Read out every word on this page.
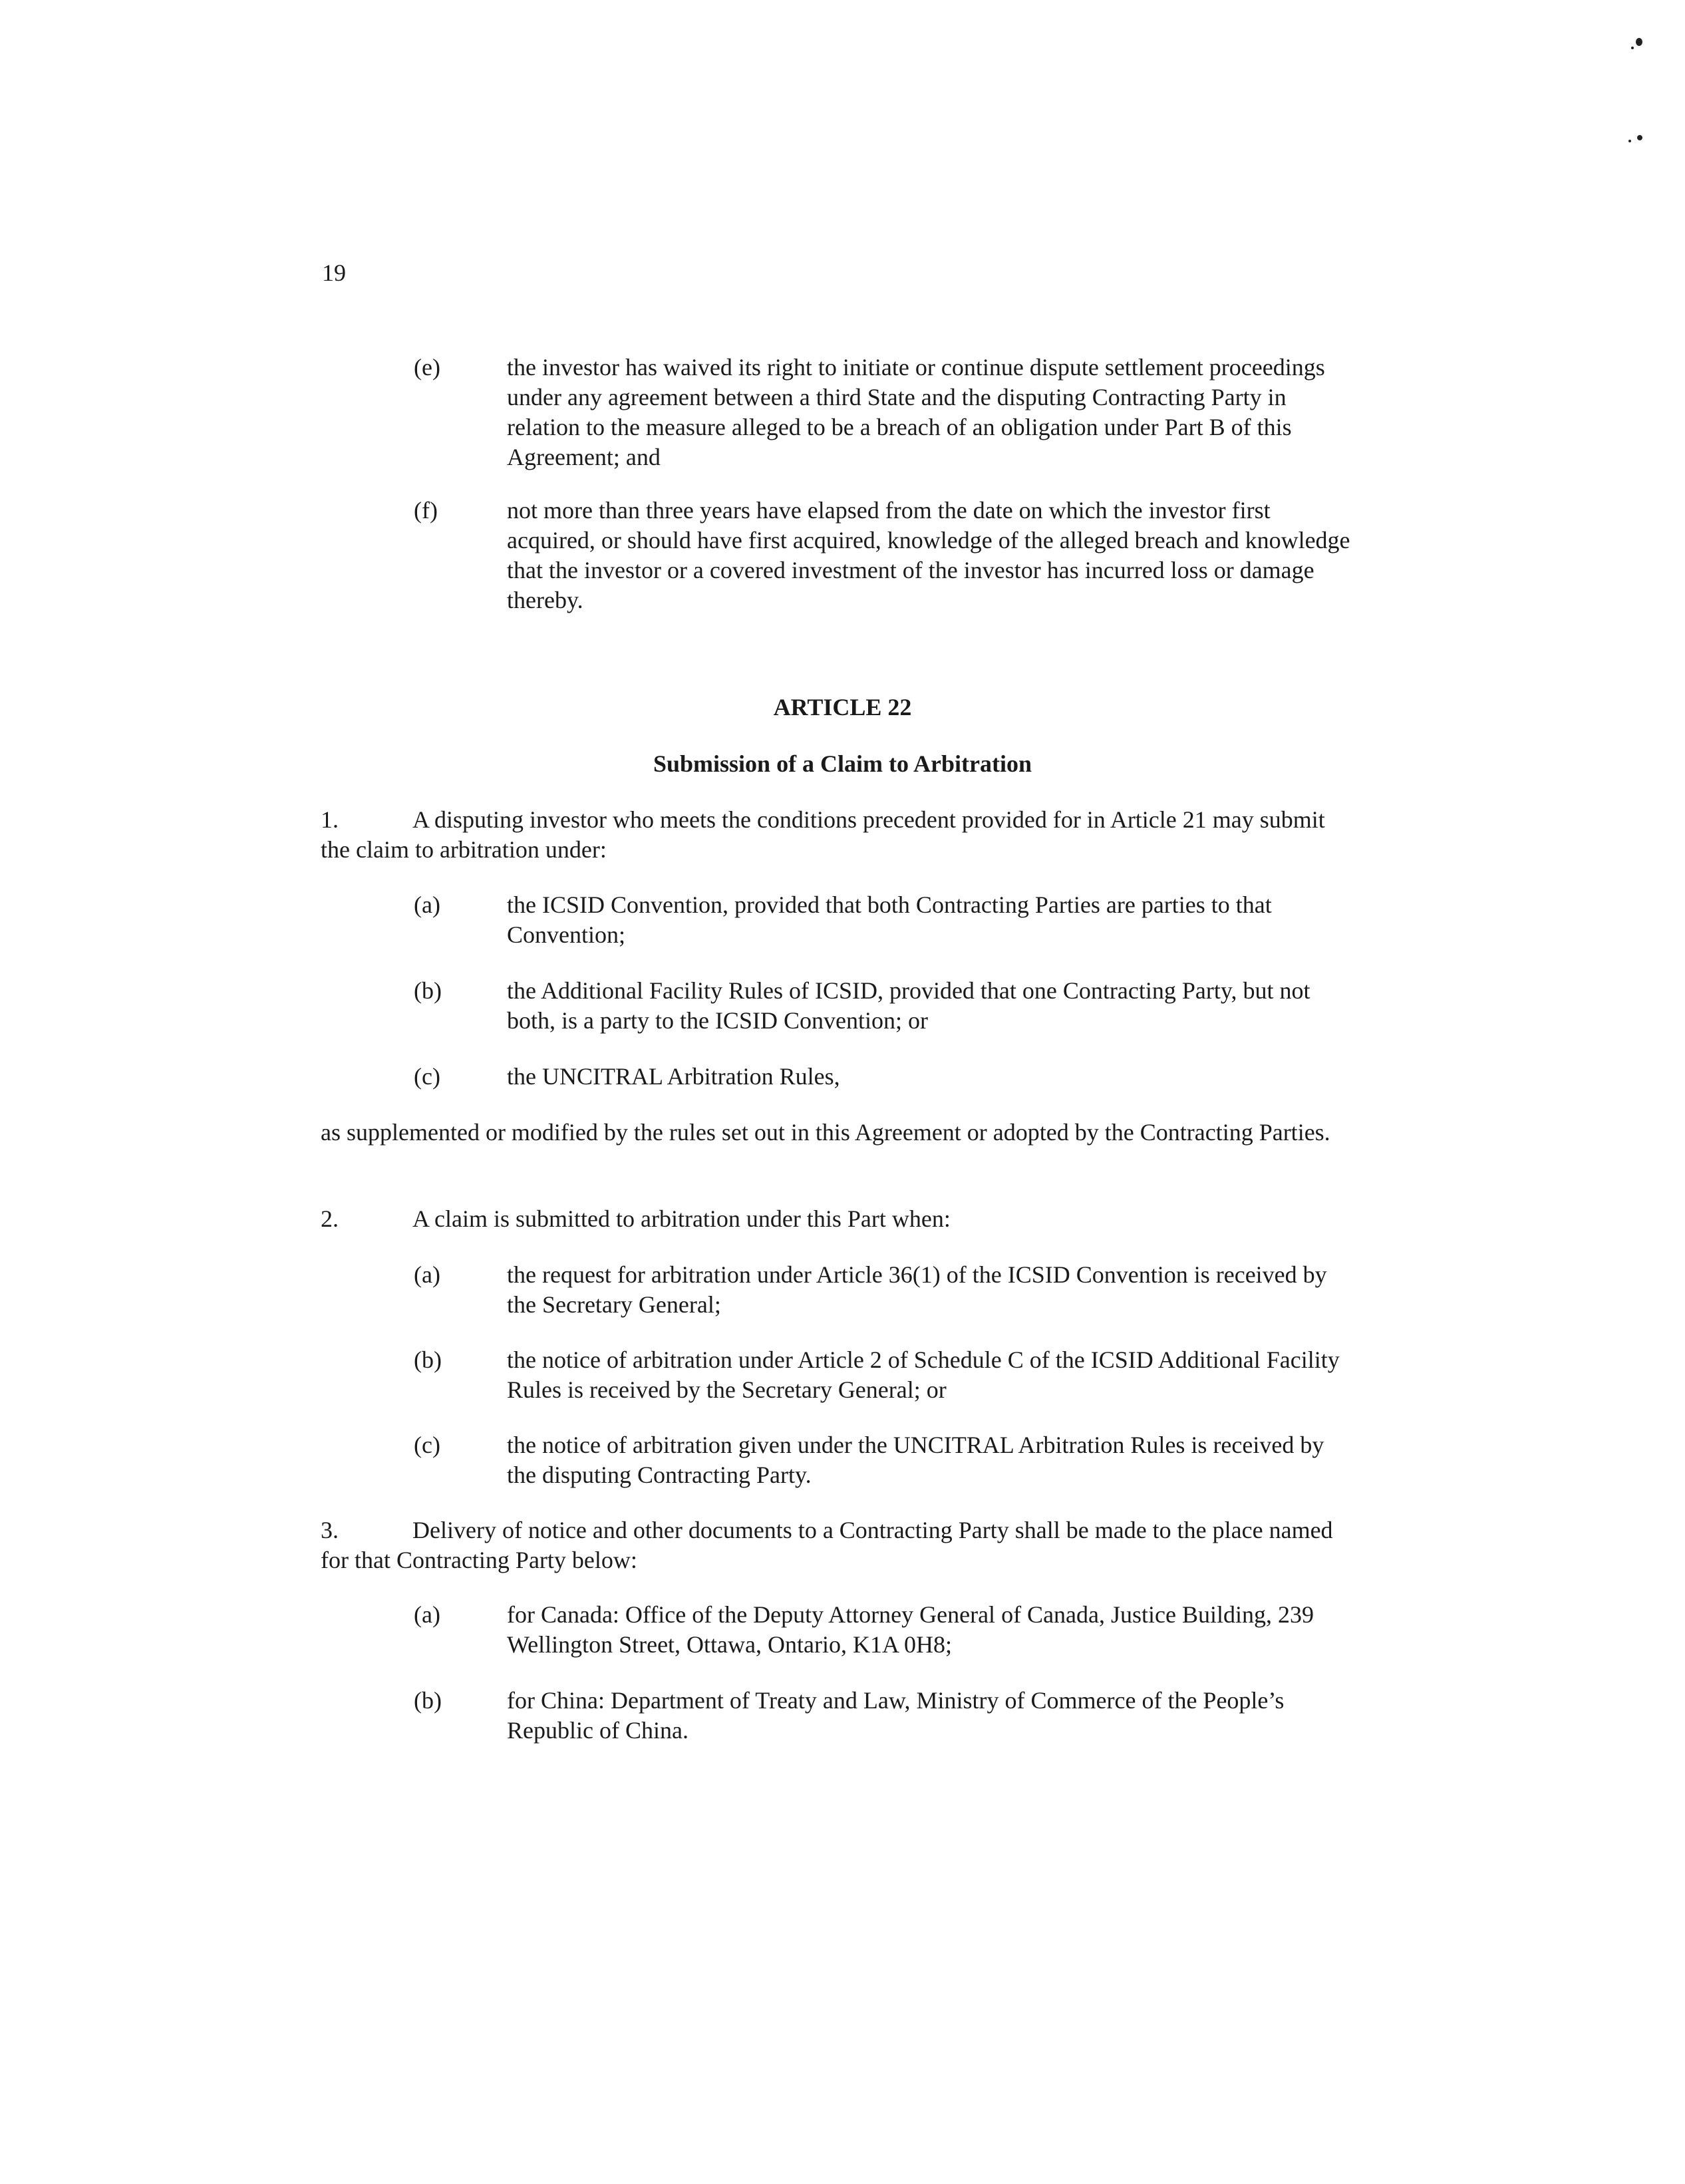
19
(e)	the investor has waived its right to initiate or continue dispute settlement proceedings under any agreement between a third State and the disputing Contracting Party in relation to the measure alleged to be a breach of an obligation under Part B of this Agreement; and
(f)	not more than three years have elapsed from the date on which the investor first acquired, or should have first acquired, knowledge of the alleged breach and knowledge that the investor or a covered investment of the investor has incurred loss or damage thereby.
ARTICLE 22
Submission of a Claim to Arbitration
1.	A disputing investor who meets the conditions precedent provided for in Article 21 may submit the claim to arbitration under:
(a)	the ICSID Convention, provided that both Contracting Parties are parties to that Convention;
(b)	the Additional Facility Rules of ICSID, provided that one Contracting Party, but not both, is a party to the ICSID Convention; or
(c)	the UNCITRAL Arbitration Rules,
as supplemented or modified by the rules set out in this Agreement or adopted by the Contracting Parties.
2.	A claim is submitted to arbitration under this Part when:
(a)	the request for arbitration under Article 36(1) of the ICSID Convention is received by the Secretary General;
(b)	the notice of arbitration under Article 2 of Schedule C of the ICSID Additional Facility Rules is received by the Secretary General; or
(c)	the notice of arbitration given under the UNCITRAL Arbitration Rules is received by the disputing Contracting Party.
3.	Delivery of notice and other documents to a Contracting Party shall be made to the place named for that Contracting Party below:
(a)	for Canada: Office of the Deputy Attorney General of Canada, Justice Building, 239 Wellington Street, Ottawa, Ontario, K1A 0H8;
(b)	for China: Department of Treaty and Law, Ministry of Commerce of the People’s Republic of China.
